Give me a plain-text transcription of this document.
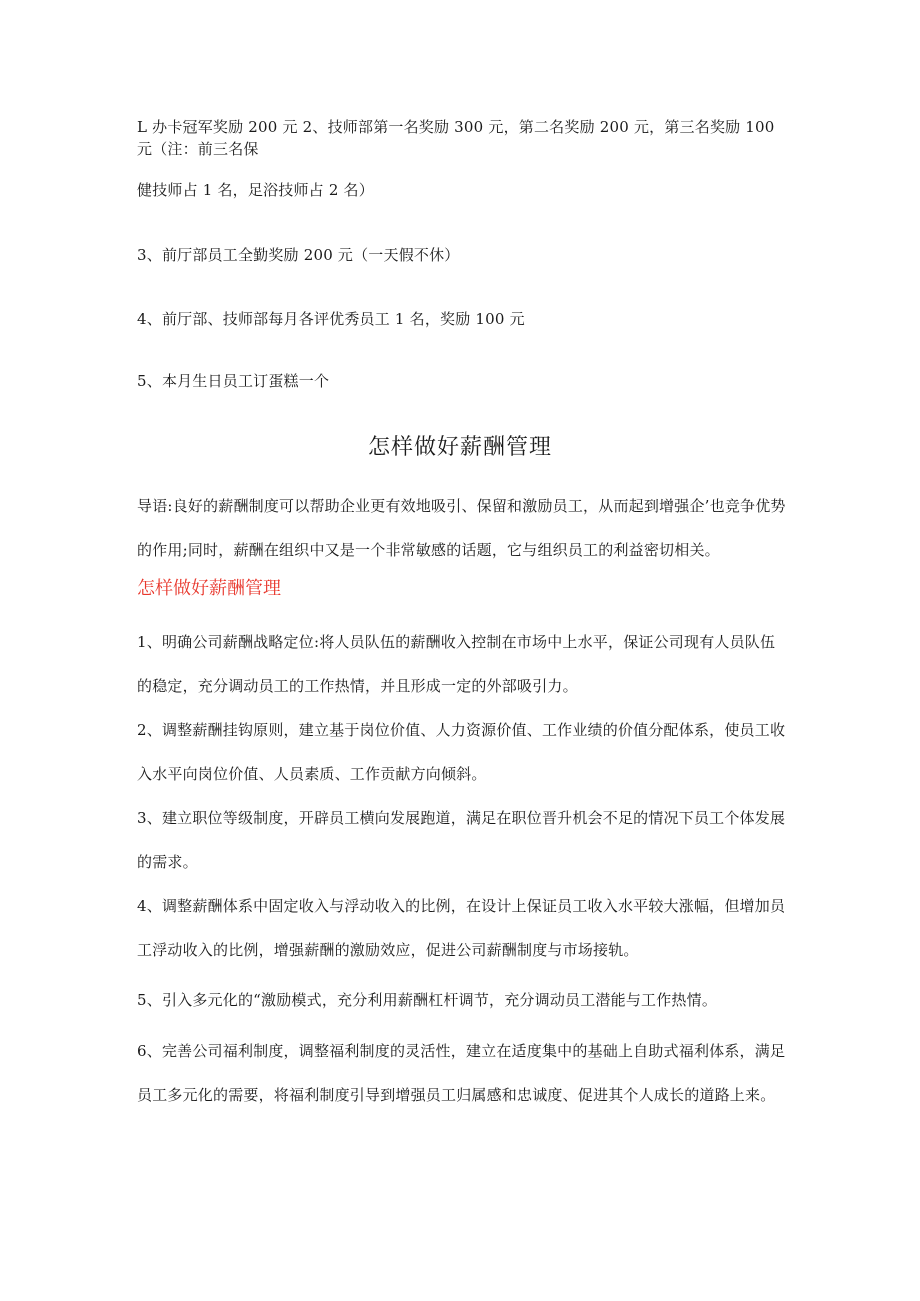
L 办卡冠军奖励 200 元 2、技师部第一名奖励 300 元，第二名奖励 200 元，第三名奖励 100 元（注：前三名保

健技师占 1 名，足浴技师占 2 名）

3、前厅部员工全勤奖励 200 元（一天假不休）

4、前厅部、技师部每月各评优秀员工 1 名，奖励 100 元

5、本月生日员工订蛋糕一个

怎样做好薪酬管理

导语:良好的薪酬制度可以帮助企业更有效地吸引、保留和激励员工，从而起到增强企’也竞争优势的作用;同时，薪酬在组织中又是一个非常敏感的话题，它与组织员工的利益密切相关。

怎样做好薪酬管理

1、明确公司薪酬战略定位:将人员队伍的薪酬收入控制在市场中上水平，保证公司现有人员队伍的稳定，充分调动员工的工作热情，并且形成一定的外部吸引力。

2、调整薪酬挂钩原则，建立基于岗位价值、人力资源价值、工作业绩的价值分配体系，使员工收入水平向岗位价值、人员素质、工作贡献方向倾斜。

3、建立职位等级制度，开辟员工横向发展跑道，满足在职位晋升机会不足的情况下员工个体发展的需求。

4、调整薪酬体系中固定收入与浮动收入的比例，在设计上保证员工收入水平较大涨幅，但增加员工浮动收入的比例，增强薪酬的激励效应，促进公司薪酬制度与市场接轨。

5、引入多元化的“激励模式，充分利用薪酬杠杆调节，充分调动员工潜能与工作热情。

6、完善公司福利制度，调整福利制度的灵活性，建立在适度集中的基础上自助式福利体系，满足员工多元化的需要，将福利制度引导到增强员工归属感和忠诚度、促进其个人成长的道路上来。
